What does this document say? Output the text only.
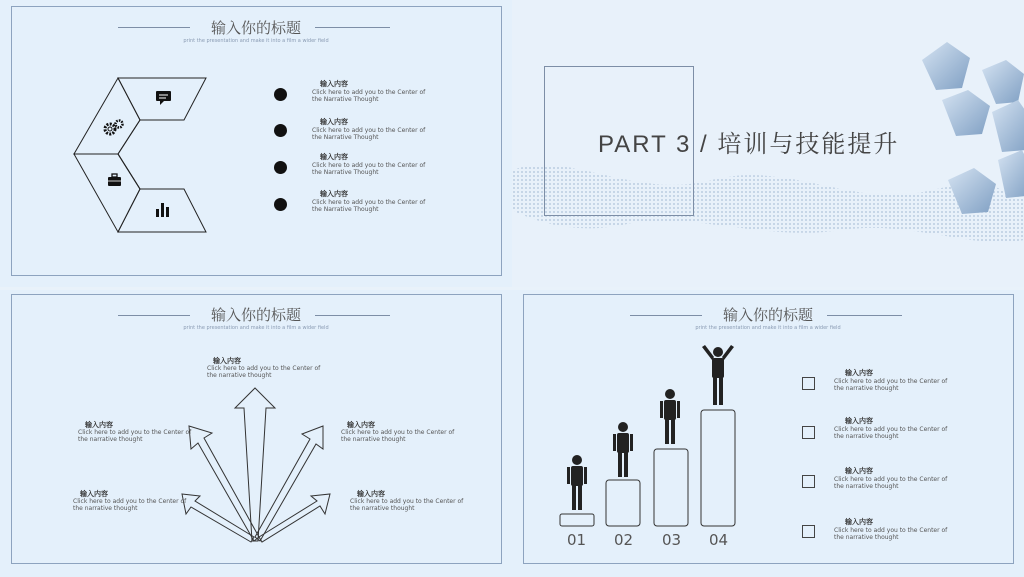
输入你的标题
print the presentation and make it into a film a wider field
输入内容
Click here to add you to the Center of the Narrative Thought
输入内容
Click here to add you to the Center of the Narrative Thought
输入内容
Click here to add you to the Center of the Narrative Thought
输入内容
Click here to add you to the Center of the Narrative Thought
PART 3 / 培训与技能提升
输入你的标题
print the presentation and make it into a film a wider field
输入内容
Click here to add you to the Center of the narrative thought
输入内容
Click here to add you to the Center of the narrative thought
输入内容
Click here to add you to the Center of the narrative thought
输入内容
Click here to add you to the Center of the narrative thought
输入内容
Click here to add you to the Center of the narrative thought
输入你的标题
print the presentation and make it into a film a wider field
01 02 03 04
输入内容
Click here to add you to the Center of the narrative thought
输入内容
Click here to add you to the Center of the narrative thought
输入内容
Click here to add you to the Center of the narrative thought
输入内容
Click here to add you to the Center of the narrative thought
